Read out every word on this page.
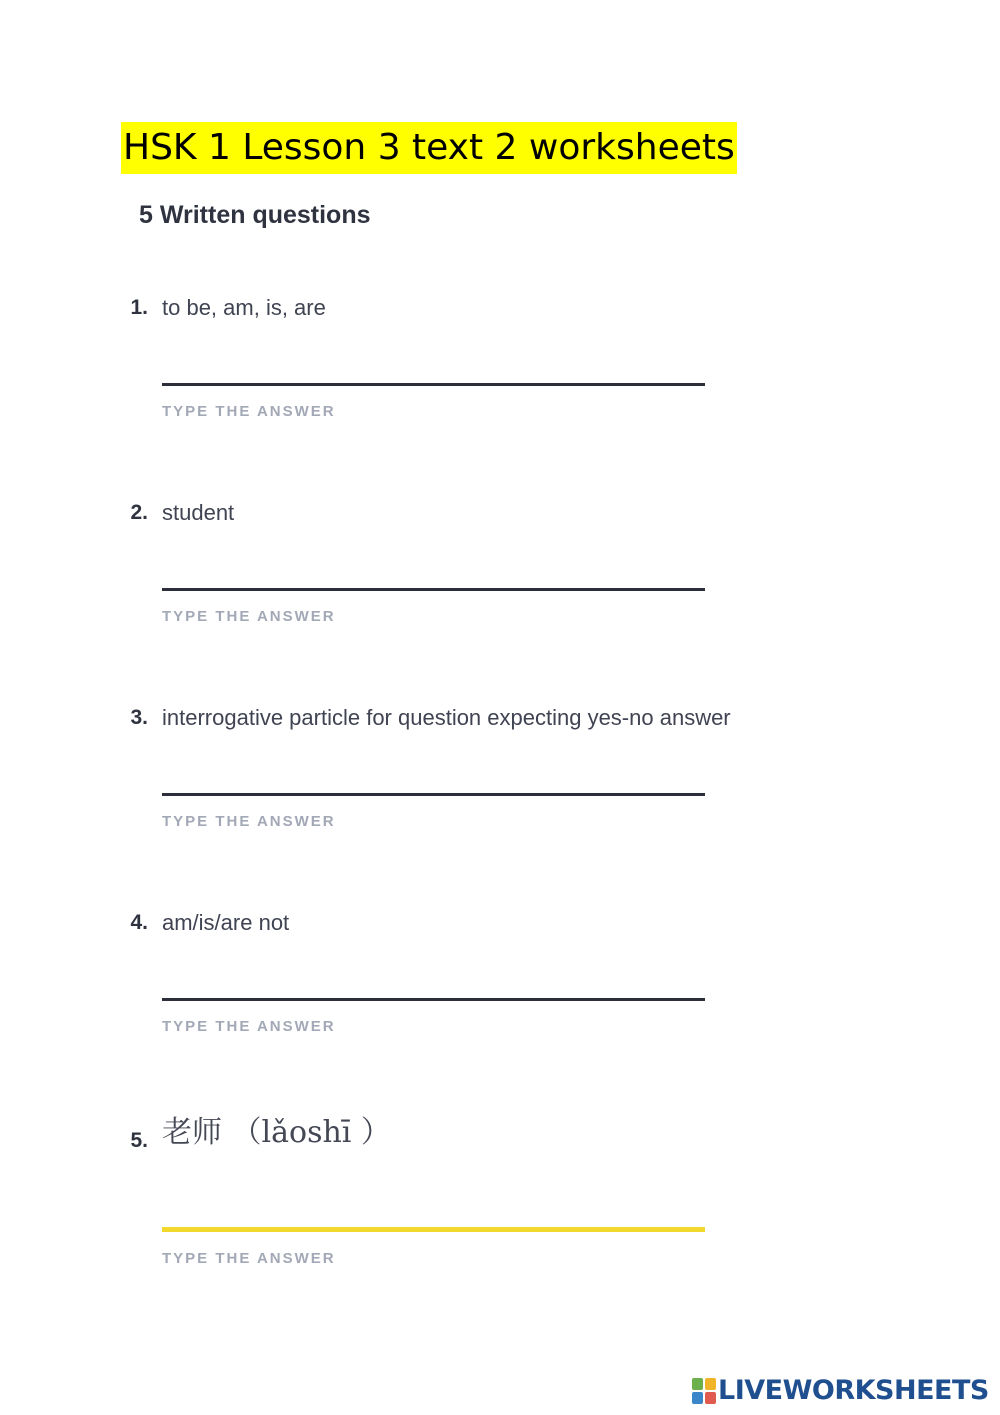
HSK 1 Lesson 3 text 2 worksheets
5 Written questions
1. to be, am, is, are
TYPE THE ANSWER
2. student
TYPE THE ANSWER
3. interrogative particle for question expecting yes-no answer
TYPE THE ANSWER
4. am/is/are not
TYPE THE ANSWER
5. 老师 （lǎoshī ）
TYPE THE ANSWER
LIVEWORKSHEETS
